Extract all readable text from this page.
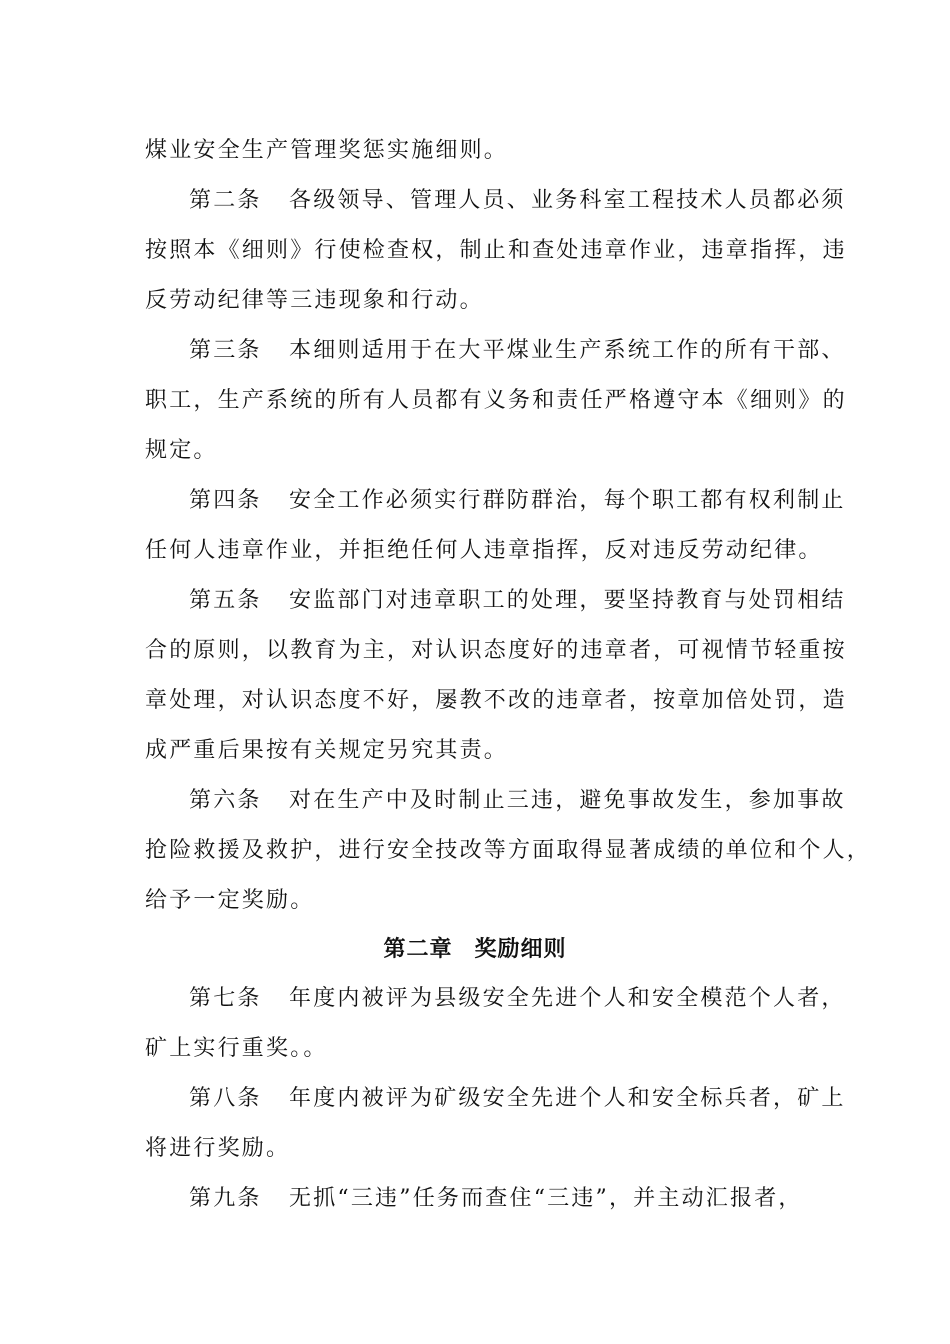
煤业安全生产管理奖惩实施细则。
第二条 各级领导、管理人员、业务科室工程技术人员都必须
按照本《细则》行使检查权，制止和查处违章作业，违章指挥，违
反劳动纪律等三违现象和行动。
第三条 本细则适用于在大平煤业生产系统工作的所有干部、
职工，生产系统的所有人员都有义务和责任严格遵守本《细则》的
规定。
第四条 安全工作必须实行群防群治，每个职工都有权利制止
任何人违章作业，并拒绝任何人违章指挥，反对违反劳动纪律。
第五条 安监部门对违章职工的处理，要坚持教育与处罚相结
合的原则，以教育为主，对认识态度好的违章者，可视情节轻重按
章处理，对认识态度不好，屡教不改的违章者，按章加倍处罚，造
成严重后果按有关规定另究其责。
第六条 对在生产中及时制止三违，避免事故发生，参加事故
抢险救援及救护，进行安全技改等方面取得显著成绩的单位和个人，
给予一定奖励。
第二章 奖励细则
第七条 年度内被评为县级安全先进个人和安全模范个人者，
矿上实行重奖。。
第八条 年度内被评为矿级安全先进个人和安全标兵者，矿上
将进行奖励。
第九条 无抓“三违”任务而查住“三违”，并主动汇报者，
